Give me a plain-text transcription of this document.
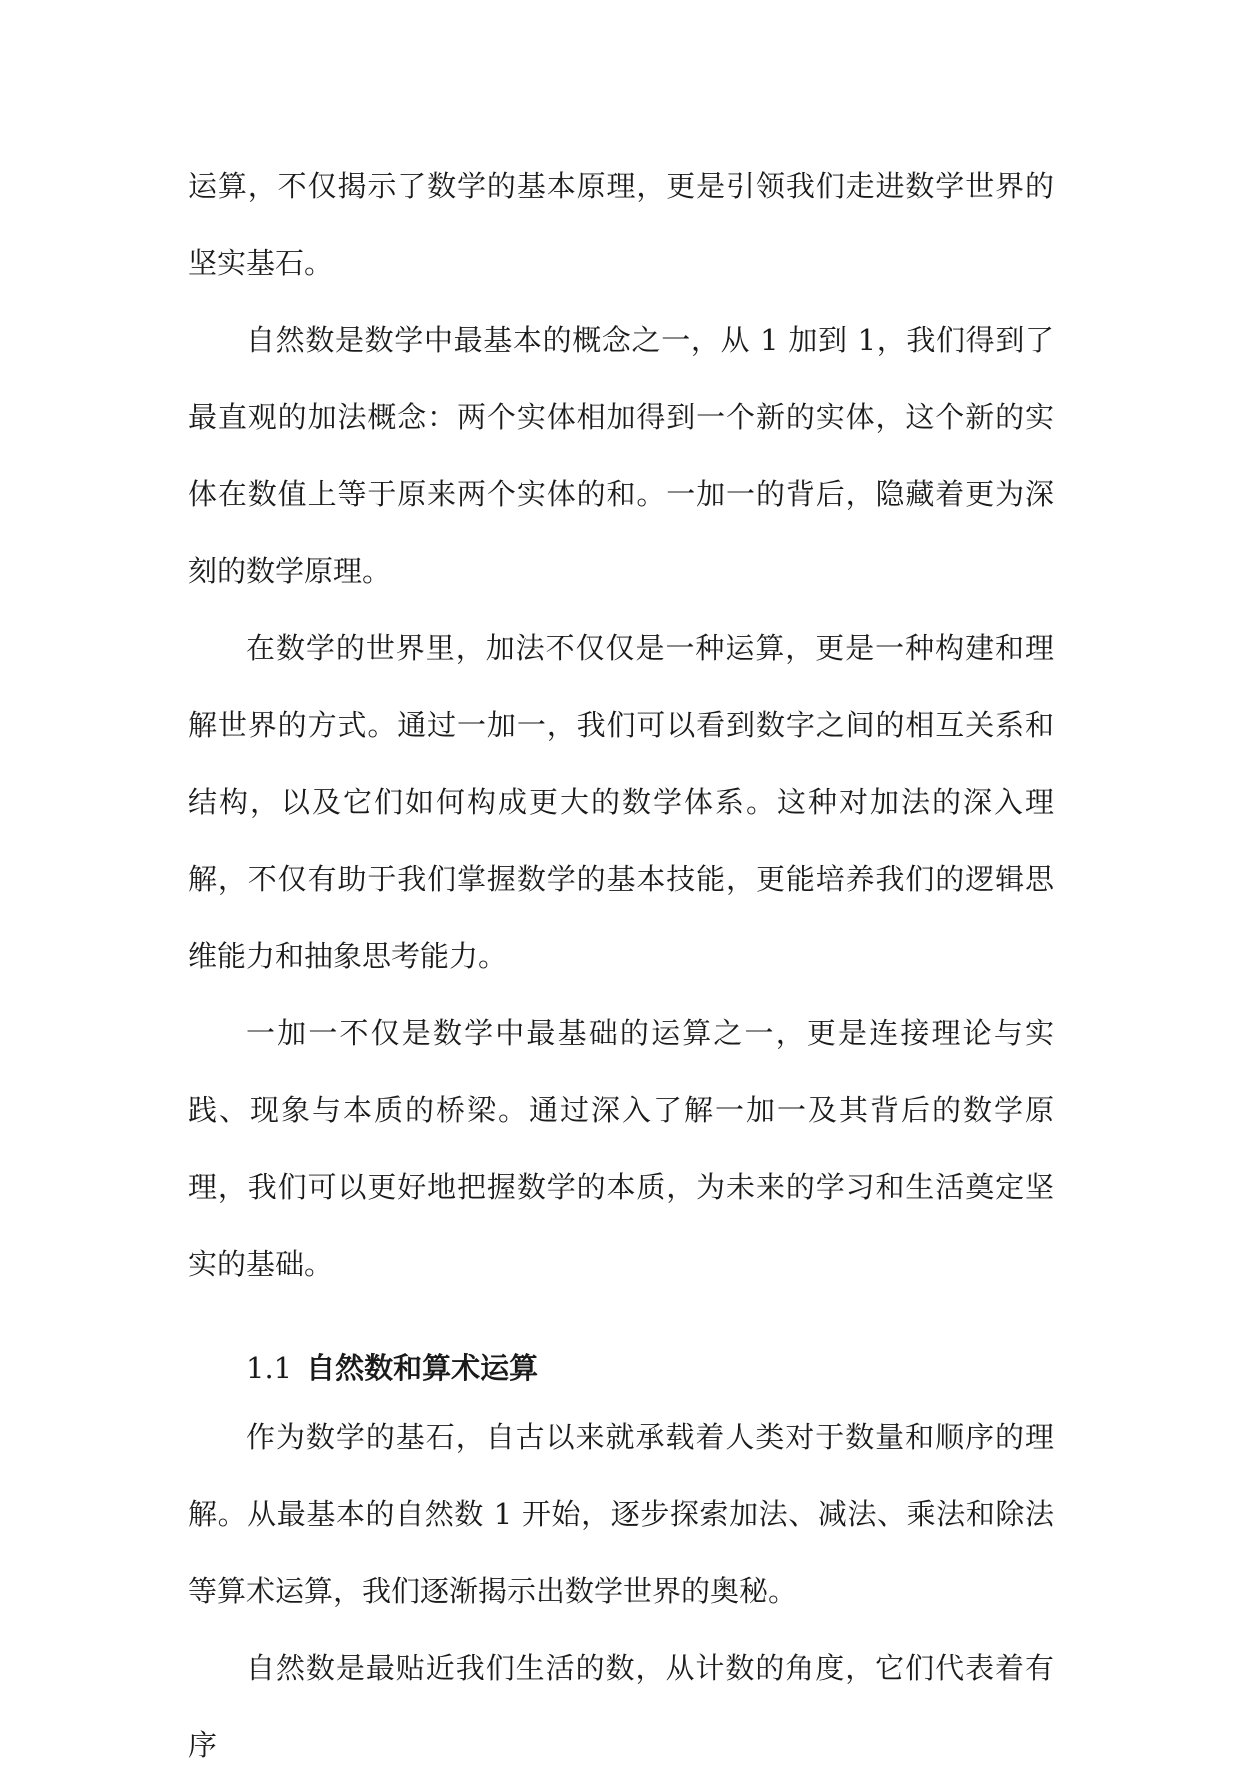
运算，不仅揭示了数学的基本原理，更是引领我们走进数学世界的坚实基石。

自然数是数学中最基本的概念之一，从 1 加到 1，我们得到了最直观的加法概念：两个实体相加得到一个新的实体，这个新的实体在数值上等于原来两个实体的和。一加一的背后，隐藏着更为深刻的数学原理。

在数学的世界里，加法不仅仅是一种运算，更是一种构建和理解世界的方式。通过一加一，我们可以看到数字之间的相互关系和结构，以及它们如何构成更大的数学体系。这种对加法的深入理解，不仅有助于我们掌握数学的基本技能，更能培养我们的逻辑思维能力和抽象思考能力。

一加一不仅是数学中最基础的运算之一，更是连接理论与实践、现象与本质的桥梁。通过深入了解一加一及其背后的数学原理，我们可以更好地把握数学的本质，为未来的学习和生活奠定坚实的基础。

1.1 自然数和算术运算

作为数学的基石，自古以来就承载着人类对于数量和顺序的理解。从最基本的自然数 1 开始，逐步探索加法、减法、乘法和除法等算术运算，我们逐渐揭示出数学世界的奥秘。

自然数是最贴近我们生活的数，从计数的角度，它们代表着有序
